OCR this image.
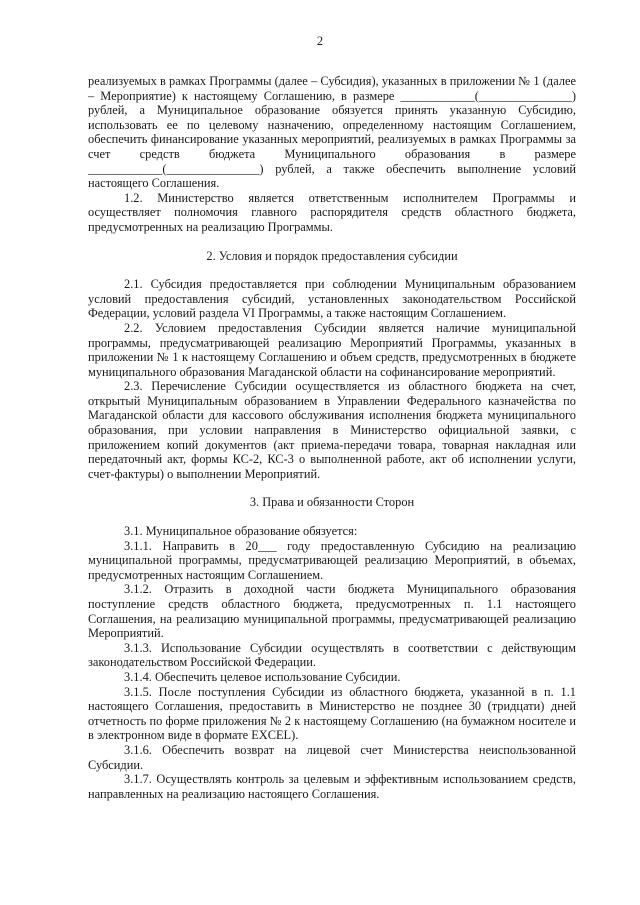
2

реализуемых в рамках Программы (далее – Субсидия), указанных в приложении № 1 (далее – Мероприятие) к настоящему Соглашению, в размере ____________(_______________) рублей, а Муниципальное образование обязуется принять указанную Субсидию, использовать ее по целевому назначению, определенному настоящим Соглашением, обеспечить финансирование указанных мероприятий, реализуемых в рамках Программы за счет средств бюджета Муниципального образования в размере ____________(_______________) рублей, а также обеспечить выполнение условий настоящего Соглашения.

1.2. Министерство является ответственным исполнителем Программы и осуществляет полномочия главного распорядителя средств областного бюджета, предусмотренных на реализацию Программы.

2. Условия и порядок предоставления субсидии

2.1. Субсидия предоставляется при соблюдении Муниципальным образованием условий предоставления субсидий, установленных законодательством Российской Федерации, условий раздела VI Программы, а также настоящим Соглашением.

2.2. Условием предоставления Субсидии является наличие муниципальной программы, предусматривающей реализацию Мероприятий Программы, указанных в приложении № 1 к настоящему Соглашению и объем средств, предусмотренных в бюджете муниципального образования Магаданской области на софинансирование мероприятий.

2.3. Перечисление Субсидии осуществляется из областного бюджета на счет, открытый Муниципальным образованием в Управлении Федерального казначейства по Магаданской области для кассового обслуживания исполнения бюджета муниципального образования, при условии направления в Министерство официальной заявки, с приложением копий документов (акт приема-передачи товара, товарная накладная или передаточный акт, формы КС-2, КС-3 о выполненной работе, акт об исполнении услуги, счет-фактуры) о выполнении Мероприятий.

3. Права и обязанности Сторон

3.1. Муниципальное образование обязуется:

3.1.1. Направить в 20___ году предоставленную Субсидию на реализацию муниципальной программы, предусматривающей реализацию Мероприятий, в объемах, предусмотренных настоящим Соглашением.

3.1.2. Отразить в доходной части бюджета Муниципального образования поступление средств областного бюджета, предусмотренных п. 1.1 настоящего Соглашения, на реализацию муниципальной программы, предусматривающей реализацию Мероприятий.

3.1.3. Использование Субсидии осуществлять в соответствии с действующим законодательством Российской Федерации.

3.1.4. Обеспечить целевое использование Субсидии.

3.1.5. После поступления Субсидии из областного бюджета, указанной в п. 1.1 настоящего Соглашения, предоставить в Министерство не позднее 30 (тридцати) дней отчетность по форме приложения № 2 к настоящему Соглашению (на бумажном носителе и в электронном виде в формате EXCEL).

3.1.6. Обеспечить возврат на лицевой счет Министерства неиспользованной Субсидии.

3.1.7. Осуществлять контроль за целевым и эффективным использованием средств, направленных на реализацию настоящего Соглашения.
